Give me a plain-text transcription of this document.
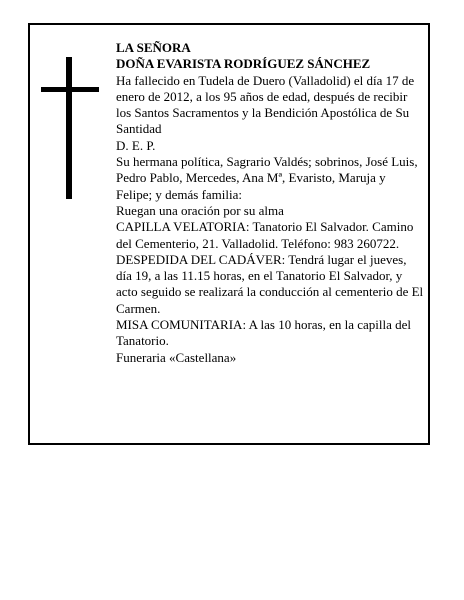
LA SEÑORA

DOÑA EVARISTA RODRÍGUEZ SÁNCHEZ

Ha fallecido en Tudela de Duero (Valladolid) el día 17 de enero de 2012, a los 95 años de edad, después de recibir los Santos Sacramentos y la Bendición Apostólica de Su Santidad

D. E. P.

Su hermana política, Sagrario Valdés; sobrinos, José Luis, Pedro Pablo, Mercedes, Ana Mª, Evaristo, Maruja y Felipe; y demás familia:

Ruegan una oración por su alma

CAPILLA VELATORIA: Tanatorio El Salvador. Camino del Cementerio, 21. Valladolid. Teléfono: 983 260722.

DESPEDIDA DEL CADÁVER: Tendrá lugar el jueves, día 19, a las 11.15 horas, en el Tanatorio El Salvador, y acto seguido se realizará la conducción al cementerio de El Carmen.

MISA COMUNITARIA: A las 10 horas, en la capilla del Tanatorio.

Funeraria «Castellana»
